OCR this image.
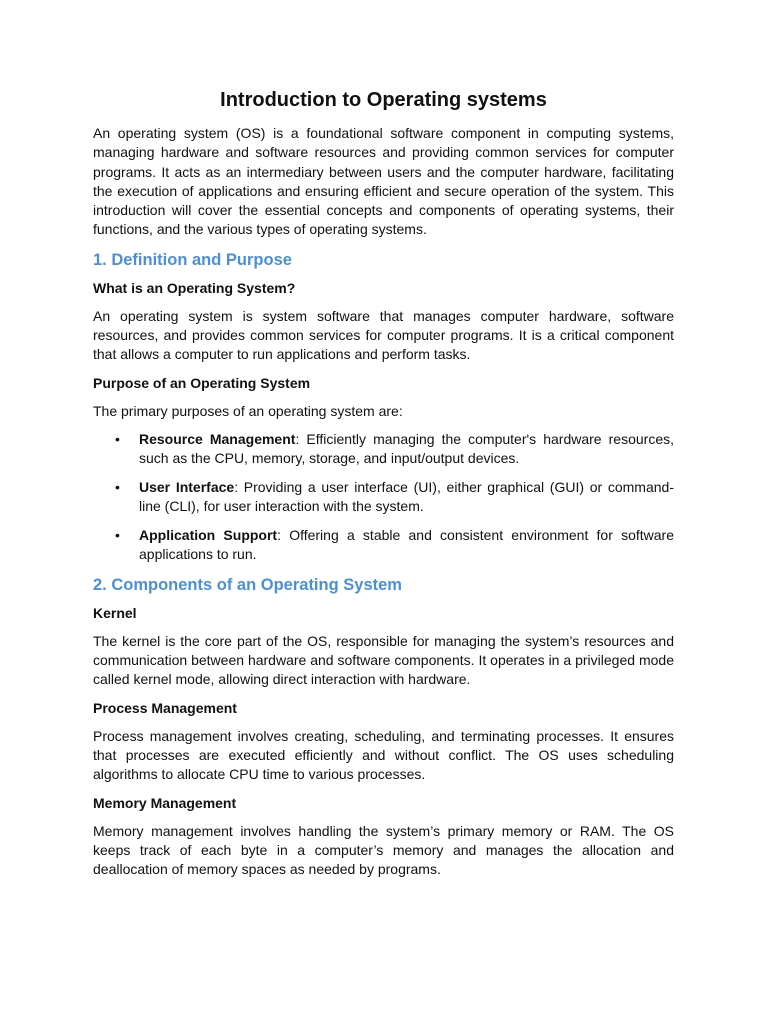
Introduction to Operating systems

An operating system (OS) is a foundational software component in computing systems, managing hardware and software resources and providing common services for computer programs. It acts as an intermediary between users and the computer hardware, facilitating the execution of applications and ensuring efficient and secure operation of the system. This introduction will cover the essential concepts and components of operating systems, their functions, and the various types of operating systems.

1. Definition and Purpose
What is an Operating System?

An operating system is system software that manages computer hardware, software resources, and provides common services for computer programs. It is a critical component that allows a computer to run applications and perform tasks.

Purpose of an Operating System

The primary purposes of an operating system are:

• Resource Management: Efficiently managing the computer's hardware resources, such as the CPU, memory, storage, and input/output devices.
• User Interface: Providing a user interface (UI), either graphical (GUI) or command-line (CLI), for user interaction with the system.
• Application Support: Offering a stable and consistent environment for software applications to run.
2. Components of an Operating System
Kernel

The kernel is the core part of the OS, responsible for managing the system’s resources and communication between hardware and software components. It operates in a privileged mode called kernel mode, allowing direct interaction with hardware.

Process Management

Process management involves creating, scheduling, and terminating processes. It ensures that processes are executed efficiently and without conflict. The OS uses scheduling algorithms to allocate CPU time to various processes.

Memory Management

Memory management involves handling the system’s primary memory or RAM. The OS keeps track of each byte in a computer’s memory and manages the allocation and deallocation of memory spaces as needed by programs.
